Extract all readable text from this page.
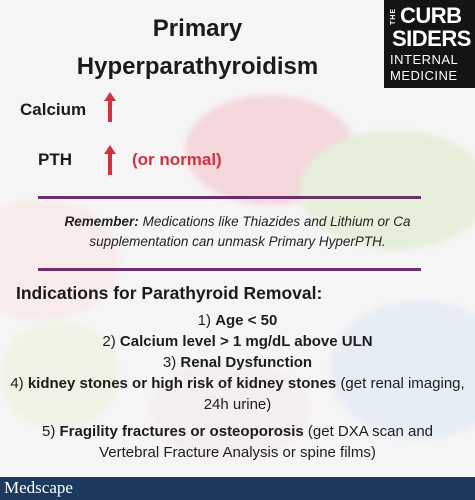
Primary
Hyperparathyroidism
THE CURB
SIDERS
INTERNAL
MEDICINE
Calcium
PTH	(or normal)
Remember: Medications like Thiazides and Lithium or Ca supplementation can unmask Primary HyperPTH.
Indications for Parathyroid Removal:
1) Age < 50
2) Calcium level > 1 mg/dL above ULN
3) Renal Dysfunction
4) kidney stones or high risk of kidney stones (get renal imaging, 24h urine)
5) Fragility fractures or osteoporosis (get DXA scan and Vertebral Fracture Analysis or spine films)
Medscape
